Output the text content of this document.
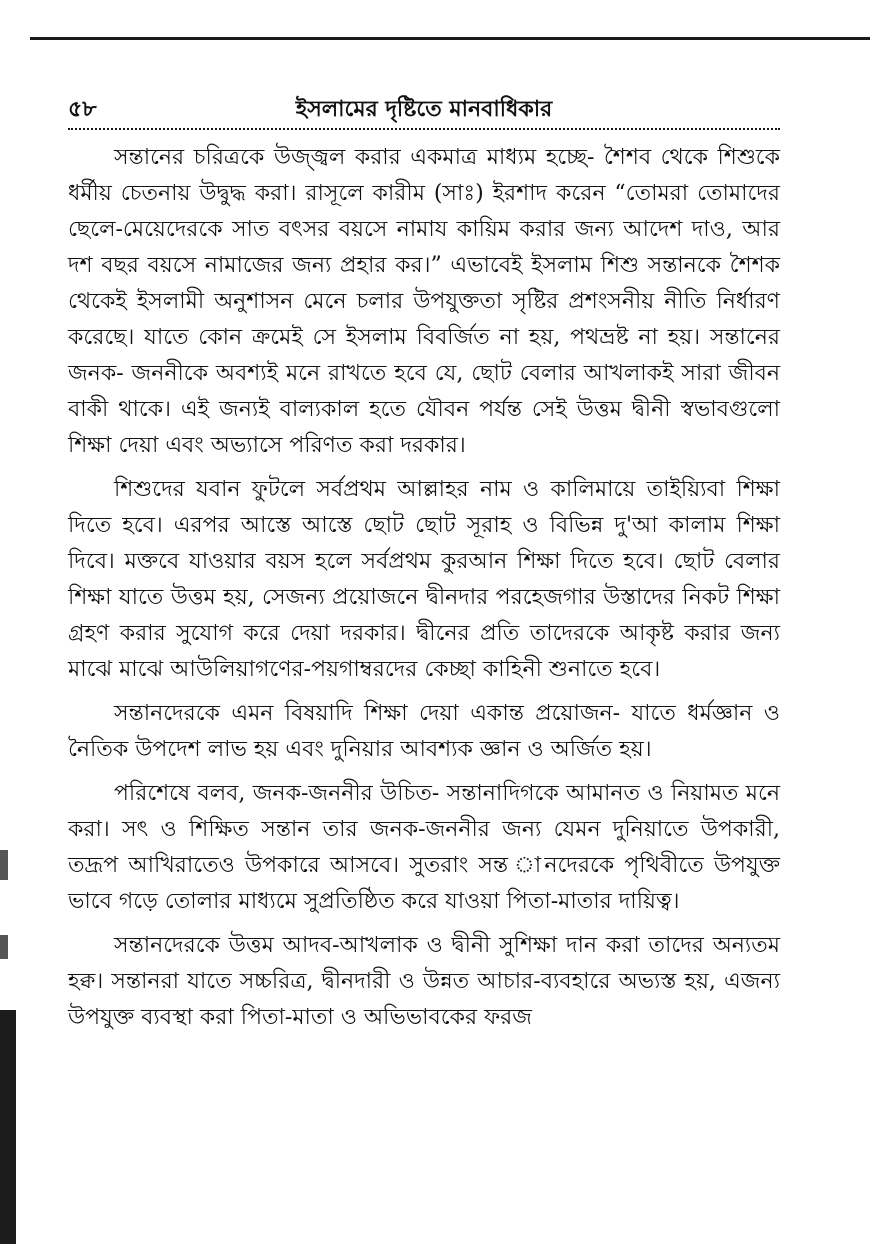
৫৮	ইসলামের দৃষ্টিতে মানবাধিকার

সন্তানের চরিত্রকে উজ্জ্বল করার একমাত্র মাধ্যম হচ্ছে- শৈশব থেকে শিশুকে ধর্মীয় চেতনায় উদ্বুদ্ধ করা। রাসূলে কারীম (সাঃ) ইরশাদ করেন “তোমরা তোমাদের ছেলে-মেয়েদেরকে সাত বৎসর বয়সে নামায কায়িম করার জন্য আদেশ দাও, আর দশ বছর বয়সে নামাজের জন্য প্রহার কর।” এভাবেই ইসলাম শিশু সন্তানকে শৈশক থেকেই ইসলামী অনুশাসন মেনে চলার উপযুক্ততা সৃষ্টির প্রশংসনীয় নীতি নির্ধারণ করেছে। যাতে কোন ক্রমেই সে ইসলাম বিবর্জিত না হয়, পথভ্রষ্ট না হয়। সন্তানের জনক- জননীকে অবশ্যই মনে রাখতে হবে যে, ছোট বেলার আখলাকই সারা জীবন বাকী থাকে। এই জন্যই বাল্যকাল হতে যৌবন পর্যন্ত সেই উত্তম দ্বীনী স্বভাবগুলো শিক্ষা দেয়া এবং অভ্যাসে পরিণত করা দরকার।

শিশুদের যবান ফুটলে সর্বপ্রথম আল্লাহর নাম ও কালিমায়ে তাইয়্যিবা শিক্ষা দিতে হবে। এরপর আস্তে আস্তে ছোট ছোট সূরাহ ও বিভিন্ন দু'আ কালাম শিক্ষা দিবে। মক্তবে যাওয়ার বয়স হলে সর্বপ্রথম কুরআন শিক্ষা দিতে হবে। ছোট বেলার শিক্ষা যাতে উত্তম হয়, সেজন্য প্রয়োজনে দ্বীনদার পরহেজগার উস্তাদের নিকট শিক্ষা গ্রহণ করার সুযোগ করে দেয়া দরকার। দ্বীনের প্রতি তাদেরকে আকৃষ্ট করার জন্য মাঝে মাঝে আউলিয়াগণের-পয়গাম্বরদের কেচ্ছা কাহিনী শুনাতে হবে।

সন্তানদেরকে এমন বিষয়াদি শিক্ষা দেয়া একান্ত প্রয়োজন- যাতে ধর্মজ্ঞান ও নৈতিক উপদেশ লাভ হয় এবং দুনিয়ার আবশ্যক জ্ঞান ও অর্জিত হয়।

পরিশেষে বলব, জনক-জননীর উচিত- সন্তানাদিগকে আমানত ও নিয়ামত মনে করা। সৎ ও শিক্ষিত সন্তান তার জনক-জননীর জন্য যেমন দুনিয়াতে উপকারী, তদ্রূপ আখিরাতেও উপকারে আসবে। সুতরাং সন্ত ানদেরকে পৃথিবীতে উপযুক্ত ভাবে গড়ে তোলার মাধ্যমে সুপ্রতিষ্ঠিত করে যাওয়া পিতা-মাতার দায়িত্ব।

সন্তানদেরকে উত্তম আদব-আখলাক ও দ্বীনী সুশিক্ষা দান করা তাদের অন্যতম হক্ব। সন্তানরা যাতে সচ্চরিত্র, দ্বীনদারী ও উন্নত আচার-ব্যবহারে অভ্যস্ত হয়, এজন্য উপযুক্ত ব্যবস্থা করা পিতা-মাতা ও অভিভাবকের ফরজ
